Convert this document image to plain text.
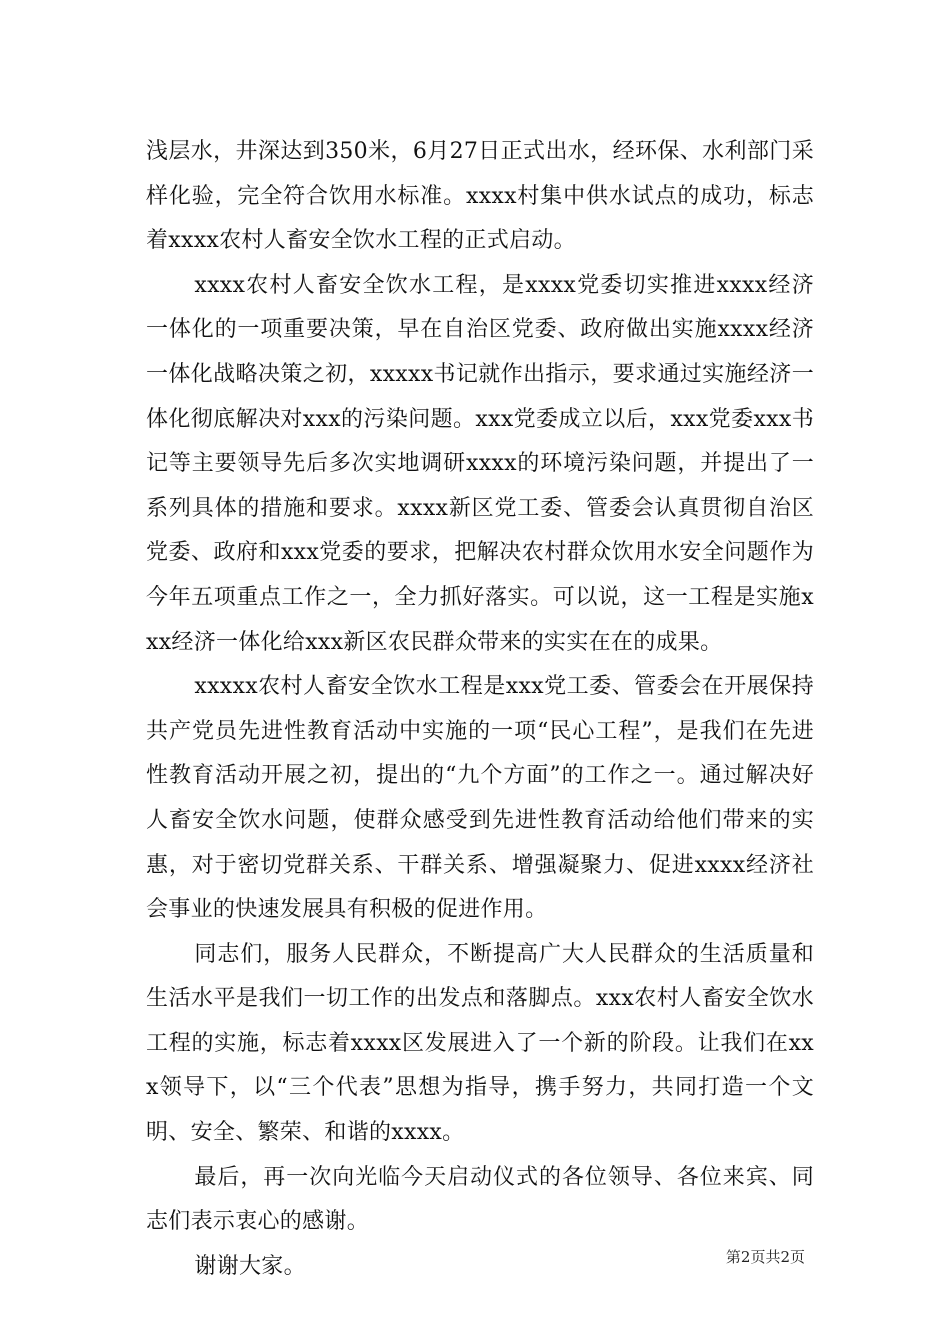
浅层水，井深达到350米，6月27日正式出水，经环保、水利部门采样化验，完全符合饮用水标准。xxxx村集中供水试点的成功，标志着xxxx农村人畜安全饮水工程的正式启动。

xxxx农村人畜安全饮水工程，是xxxx党委切实推进xxxx经济一体化的一项重要决策，早在自治区党委、政府做出实施xxxx经济一体化战略决策之初，xxxxx书记就作出指示，要求通过实施经济一体化彻底解决对xxx的污染问题。xxx党委成立以后，xxx党委xxx书记等主要领导先后多次实地调研xxxx的环境污染问题，并提出了一系列具体的措施和要求。xxxx新区党工委、管委会认真贯彻自治区党委、政府和xxx党委的要求，把解决农村群众饮用水安全问题作为今年五项重点工作之一，全力抓好落实。可以说，这一工程是实施xxx经济一体化给xxx新区农民群众带来的实实在在的成果。

xxxxx农村人畜安全饮水工程是xxx党工委、管委会在开展保持共产党员先进性教育活动中实施的一项“民心工程”，是我们在先进性教育活动开展之初，提出的“九个方面”的工作之一。通过解决好人畜安全饮水问题，使群众感受到先进性教育活动给他们带来的实惠，对于密切党群关系、干群关系、增强凝聚力、促进xxxx经济社会事业的快速发展具有积极的促进作用。

同志们，服务人民群众，不断提高广大人民群众的生活质量和生活水平是我们一切工作的出发点和落脚点。xxx农村人畜安全饮水工程的实施，标志着xxxx区发展进入了一个新的阶段。让我们在xxx领导下，以“三个代表”思想为指导，携手努力，共同打造一个文明、安全、繁荣、和谐的xxxx。

最后，再一次向光临今天启动仪式的各位领导、各位来宾、同志们表示衷心的感谢。

谢谢大家。	第2页共2页
